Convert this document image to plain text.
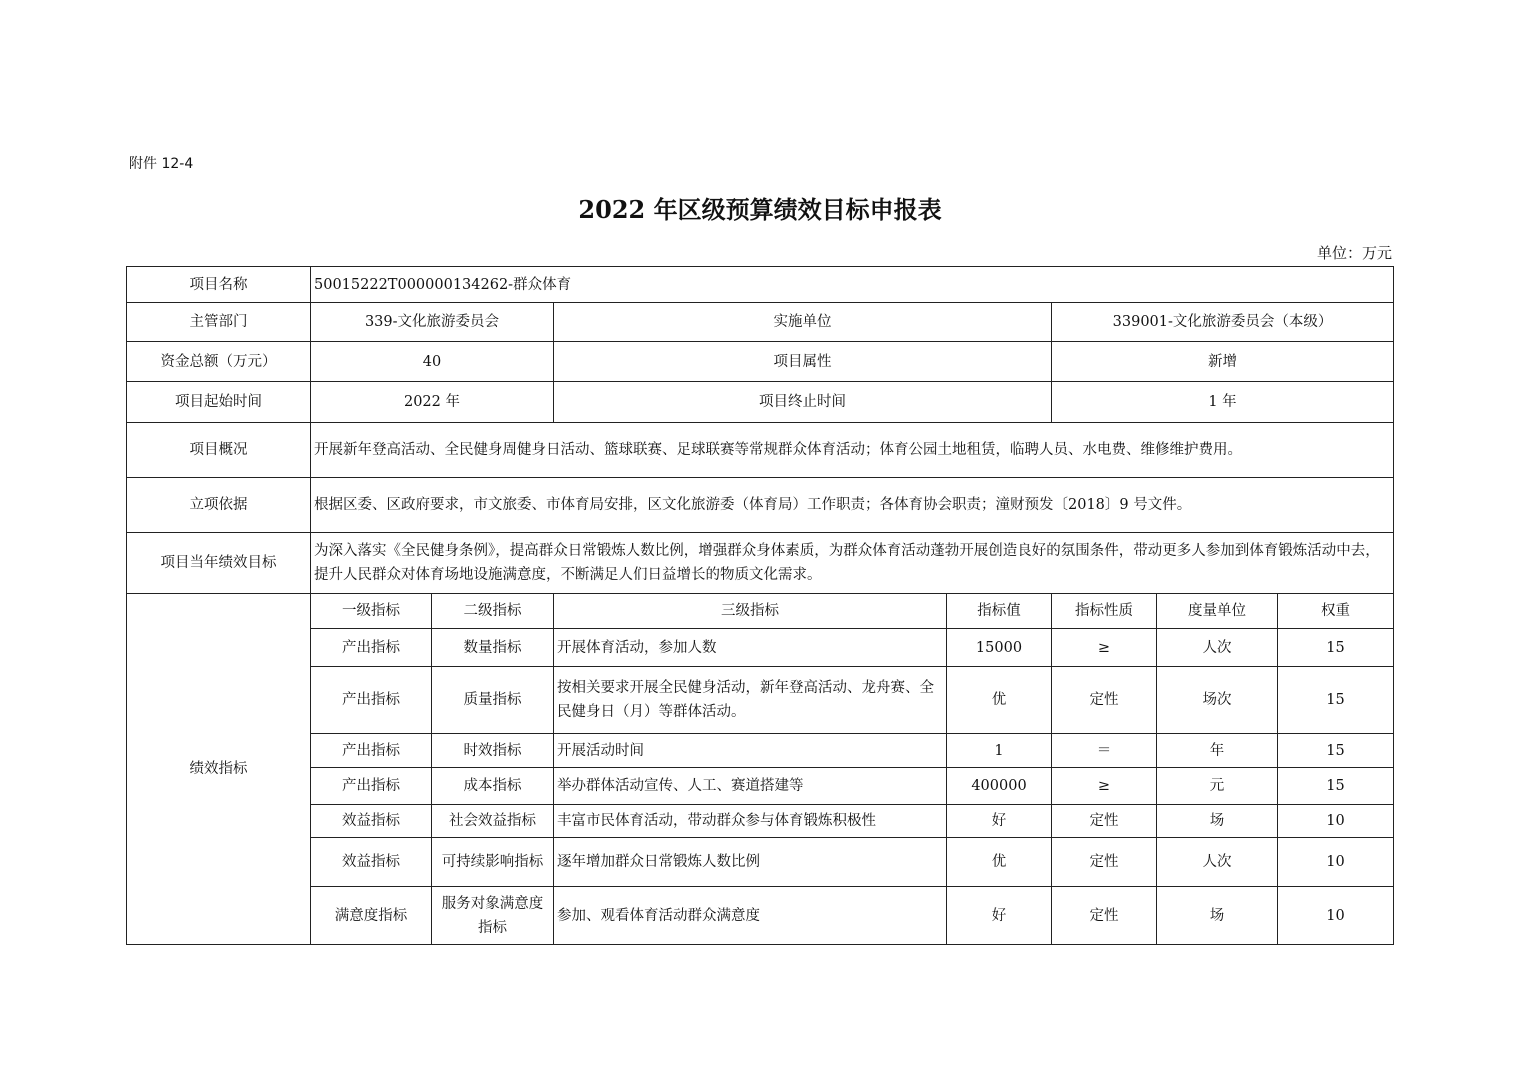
附件 12-4
2022 年区级预算绩效目标申报表
单位：万元
项目名称	50015222T000000134262-群众体育						
主管部门	339-文化旅游委员会		实施单位		339001-文化旅游委员会（本级）		
资金总额（万元）	40		项目属性		新增		
项目起始时间	2022 年		项目终止时间		1 年		
项目概况	开展新年登高活动、全民健身周健身日活动、篮球联赛、足球联赛等常规群众体育活动；体育公园土地租赁，临聘人员、水电费、维修维护费用。						
立项依据	根据区委、区政府要求，市文旅委、市体育局安排，区文化旅游委（体育局）工作职责；各体育协会职责；潼财预发〔2018〕9 号文件。						
项目当年绩效目标	为深入落实《全民健身条例》，提高群众日常锻炼人数比例，增强群众身体素质，为群众体育活动蓬勃开展创造良好的氛围条件，带动更多人参加到体育锻炼活动中去，提升人民群众对体育场地设施满意度，不断满足人们日益增长的物质文化需求。						
绩效指标	一级指标	二级指标	三级指标	指标值	指标性质	度量单位	权重
	产出指标	数量指标	开展体育活动，参加人数	15000	≥	人次	15
	产出指标	质量指标	按相关要求开展全民健身活动，新年登高活动、龙舟赛、全民健身日（月）等群体活动。	优	定性	场次	15
	产出指标	时效指标	开展活动时间	1	＝	年	15
	产出指标	成本指标	举办群体活动宣传、人工、赛道搭建等	400000	≥	元	15
	效益指标	社会效益指标	丰富市民体育活动，带动群众参与体育锻炼积极性	好	定性	场	10
	效益指标	可持续影响指标	逐年增加群众日常锻炼人数比例	优	定性	人次	10
	满意度指标	服务对象满意度指标	参加、观看体育活动群众满意度	好	定性	场	10
